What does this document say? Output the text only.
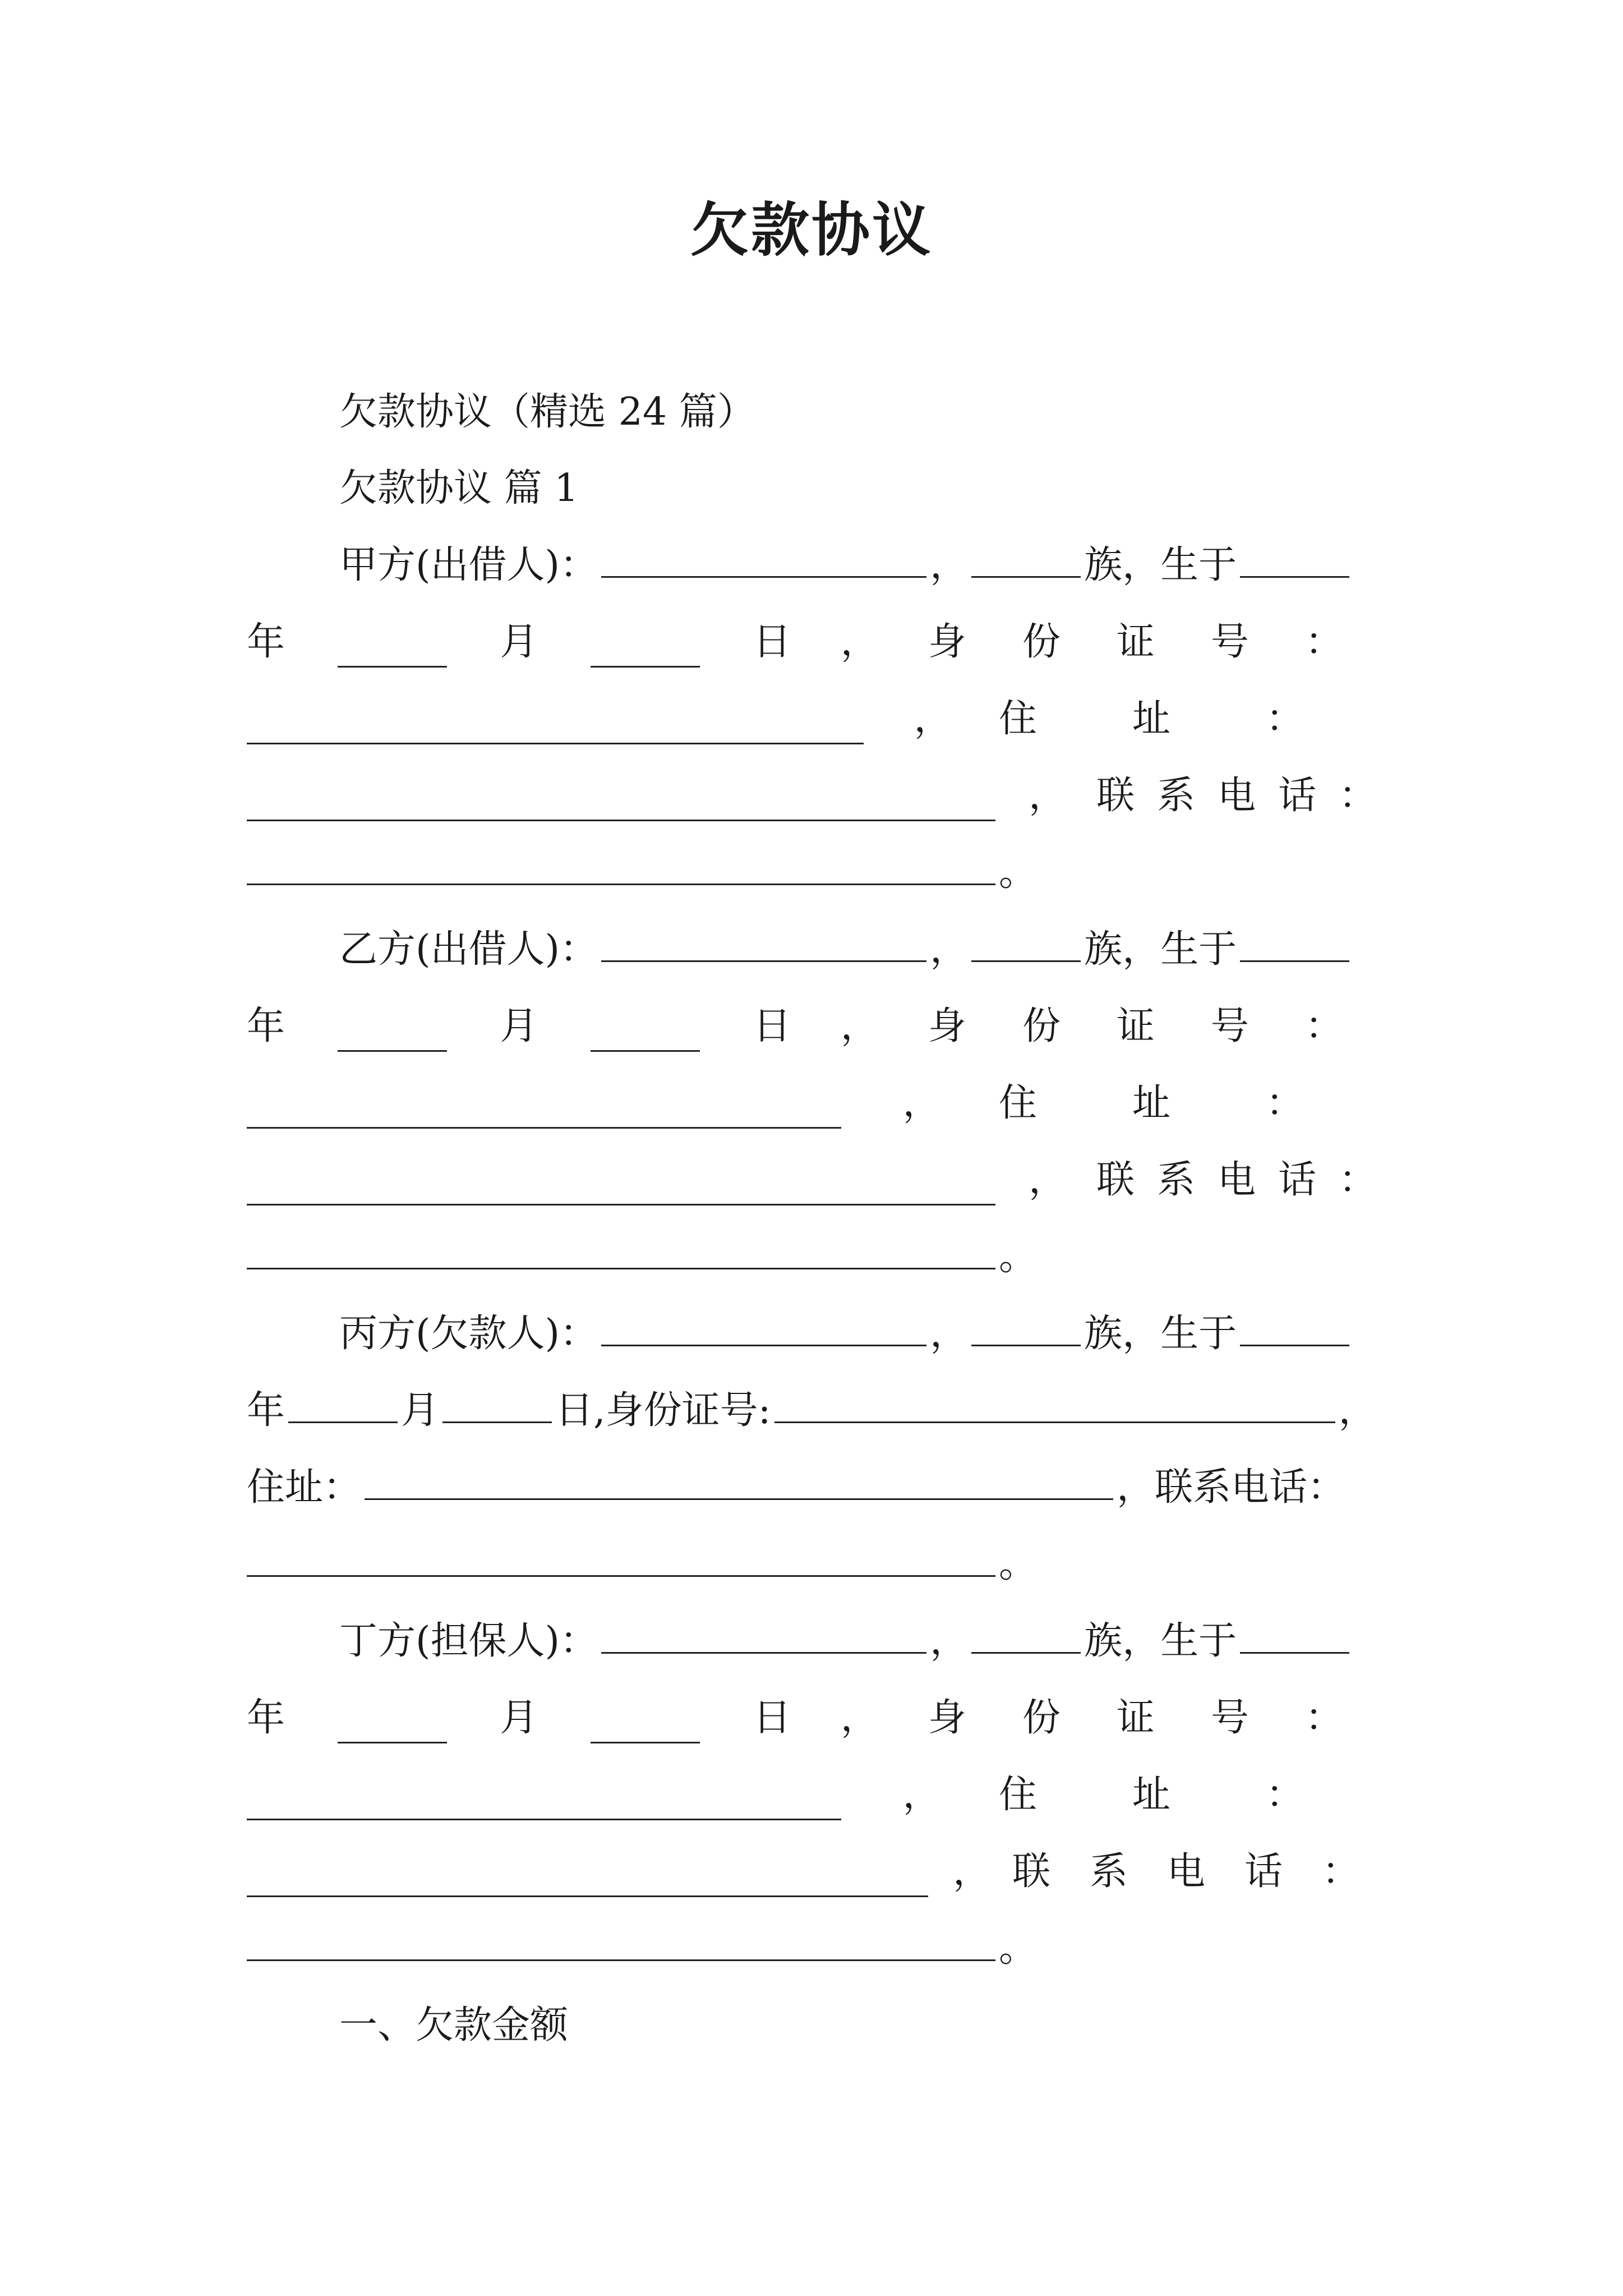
欠款协议
欠款协议（精选 24 篇）
欠款协议 篇 1
甲方(出借人)：	，	族，生于
年	月	日 ， 身份证号：
， 住址：
， 联系电话：
。
乙方(出借人)：	，	族，生于
年	月	日 ， 身份证号：
， 住址：
， 联系电话：
。
丙方(欠款人)：	，	族，生于
年	月	日,身份证号:	，
住址：	，联系电话：
。
丁方(担保人)：	，	族，生于
年	月	日 ， 身份证号：
， 住址：
， 联系电话：
。
一、欠款金额
